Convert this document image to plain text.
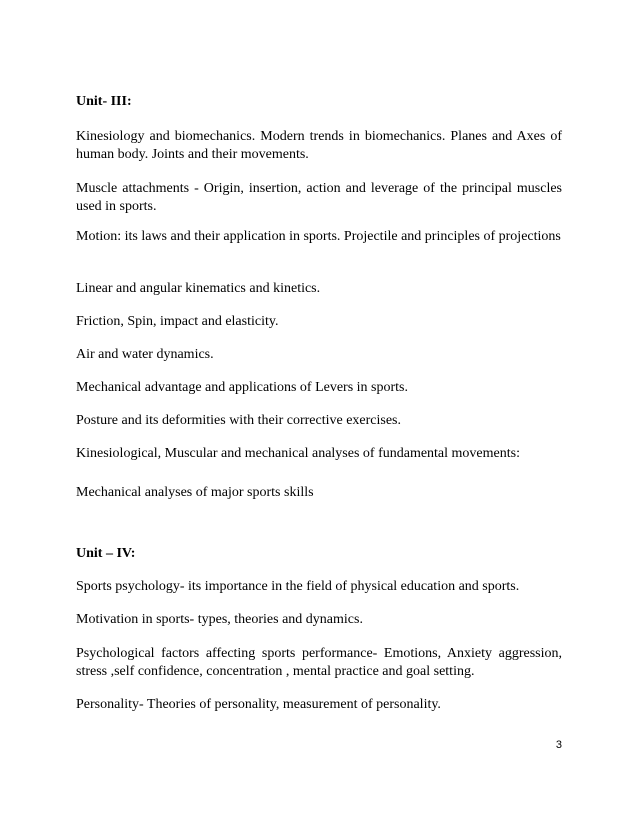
Unit- III:
Kinesiology and biomechanics. Modern trends in biomechanics. Planes and Axes of human body. Joints and their movements.
Muscle attachments - Origin, insertion, action and leverage of the principal muscles used in sports.
Motion: its laws and their application in sports. Projectile and principles of projections
Linear and angular kinematics and kinetics.
Friction, Spin, impact and elasticity.
Air and water dynamics.
Mechanical advantage and applications of Levers in sports.
Posture and its deformities with their corrective exercises.
Kinesiological, Muscular and mechanical analyses of fundamental movements:
Mechanical analyses of major sports skills
Unit – IV:
Sports psychology- its importance in the field of physical education and sports.
Motivation in sports- types, theories and dynamics.
Psychological factors affecting sports performance- Emotions, Anxiety aggression, stress ,self confidence, concentration , mental practice and goal setting.
Personality- Theories of personality, measurement of personality.
3
